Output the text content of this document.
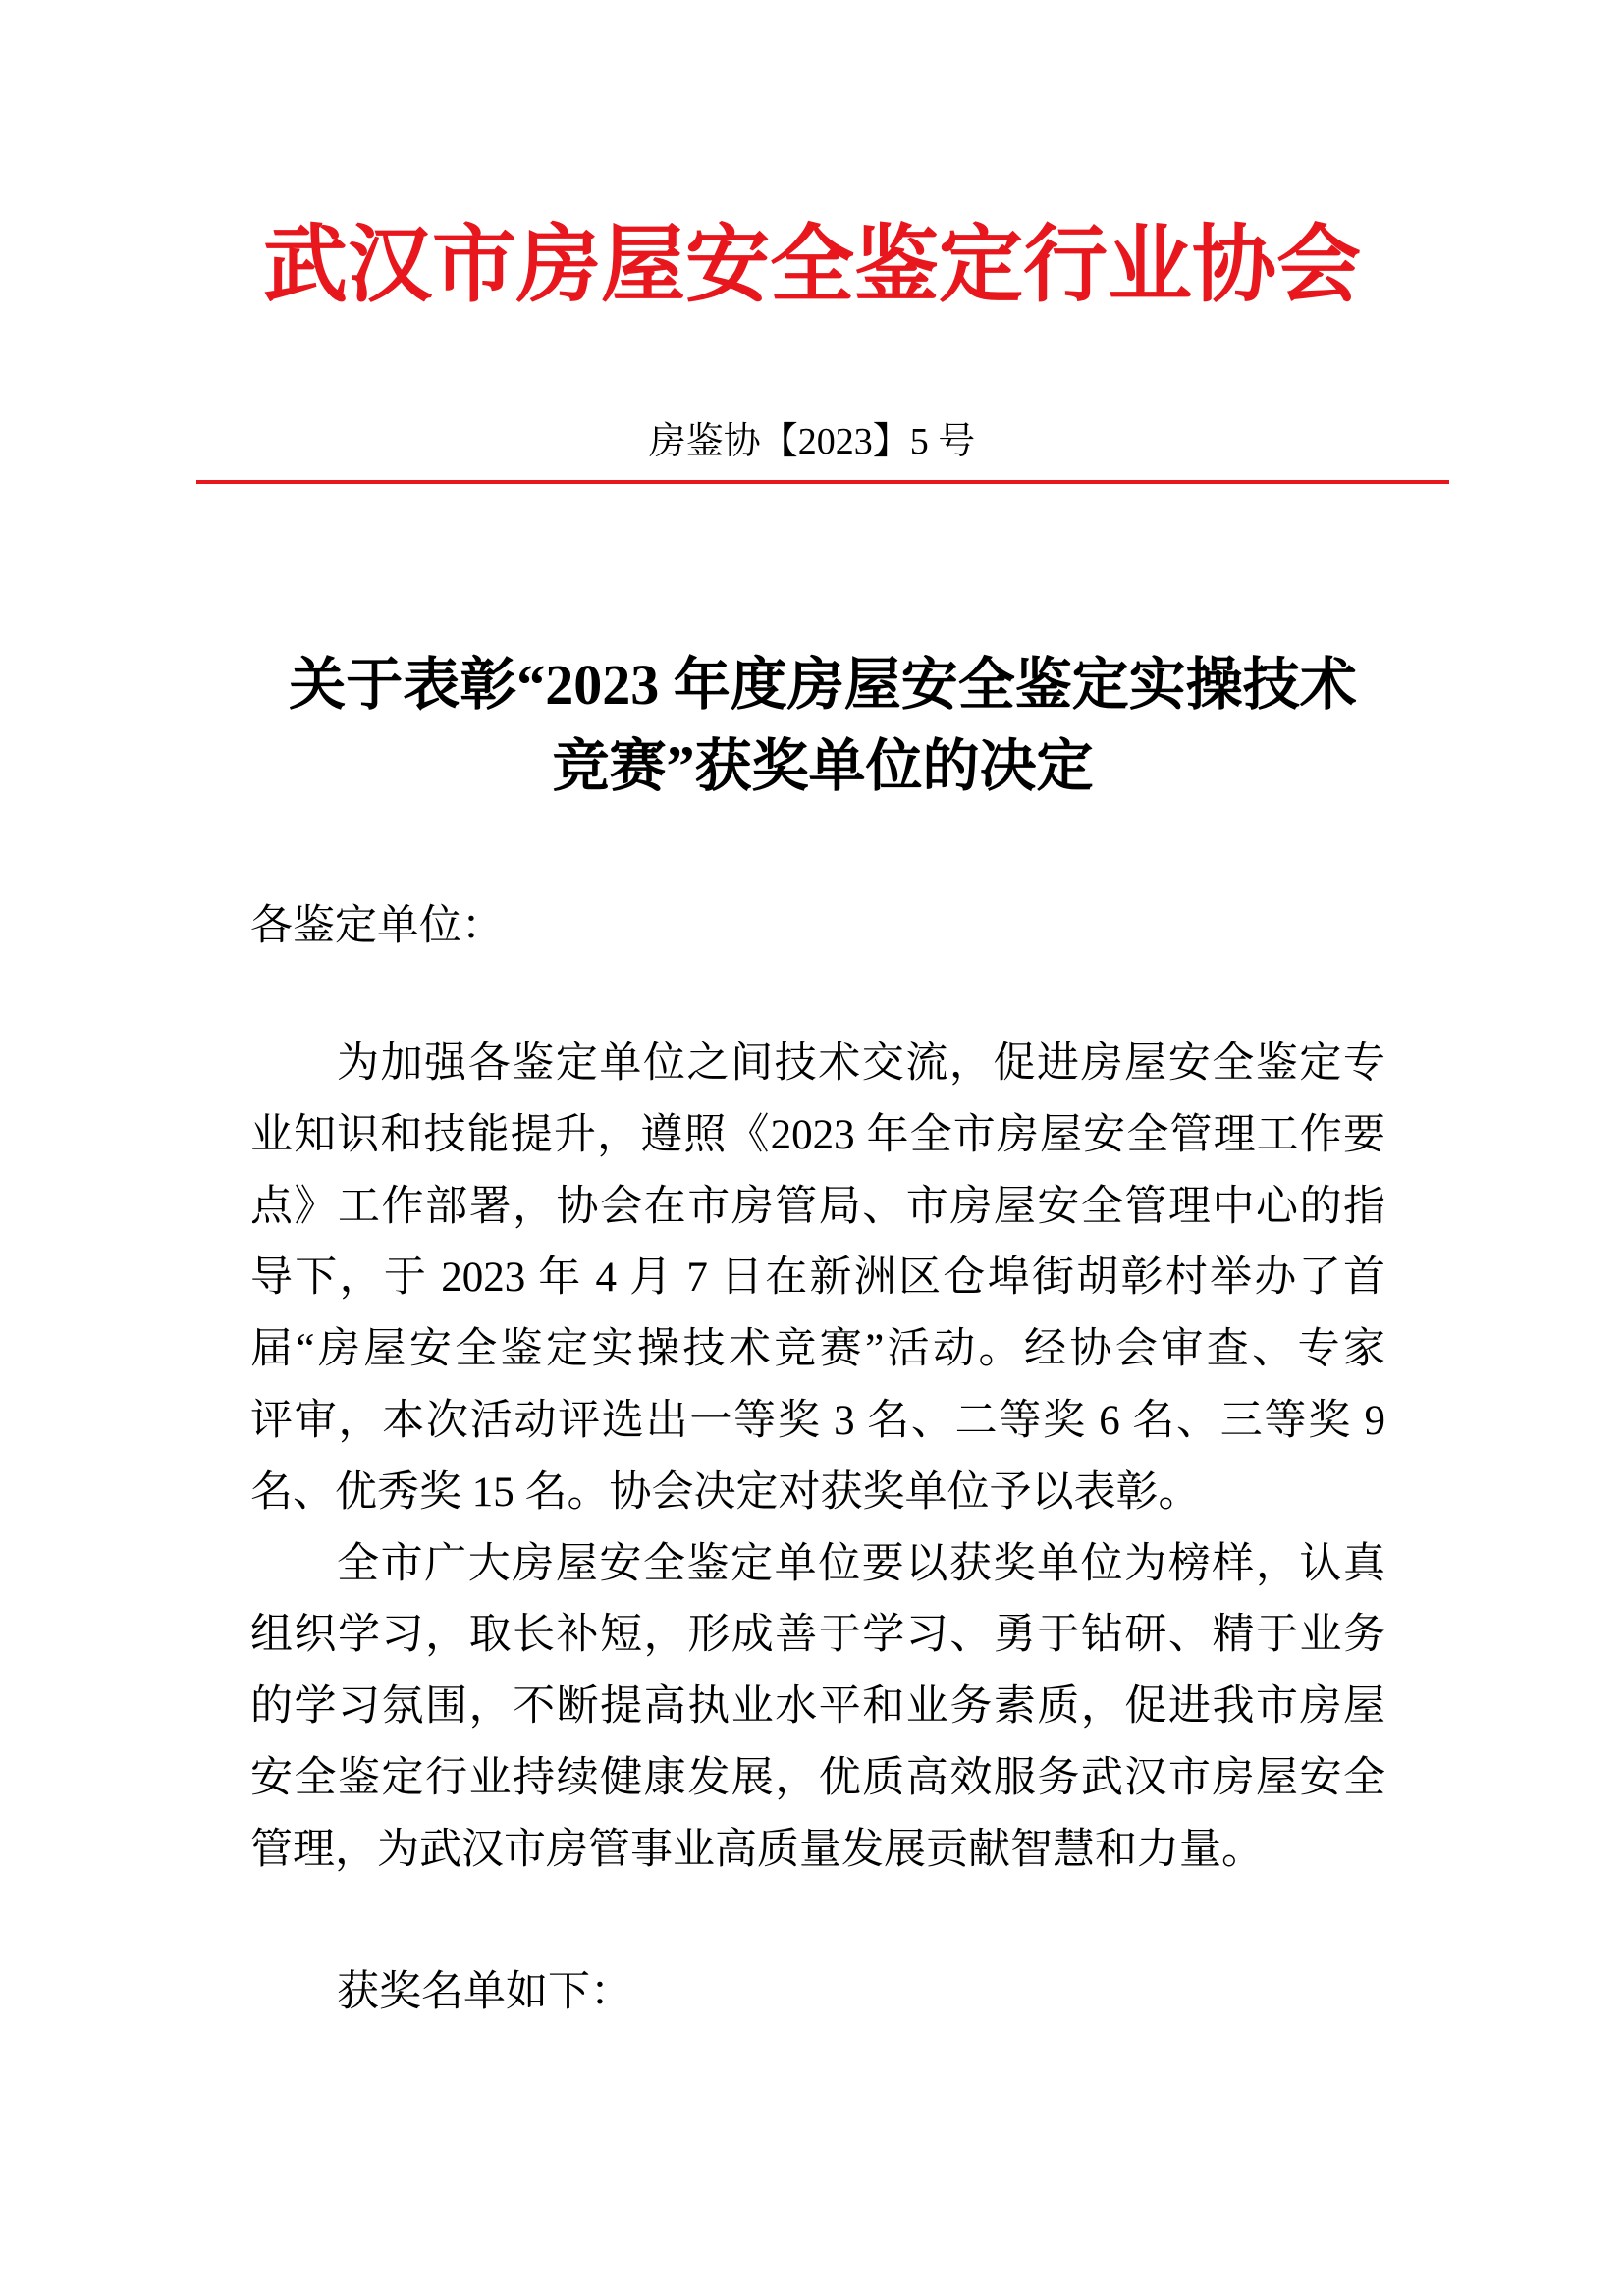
武汉市房屋安全鉴定行业协会
房鉴协【2023】5 号
关于表彰“2023 年度房屋安全鉴定实操技术
竞赛”获奖单位的决定
各鉴定单位：
为加强各鉴定单位之间技术交流，促进房屋安全鉴定专
业知识和技能提升，遵照《2023 年全市房屋安全管理工作要
点》工作部署，协会在市房管局、市房屋安全管理中心的指
导下，于 2023 年 4 月 7 日在新洲区仓埠街胡彰村举办了首
届“房屋安全鉴定实操技术竞赛”活动。经协会审查、专家
评审，本次活动评选出一等奖 3 名、二等奖 6 名、三等奖 9
名、优秀奖 15 名。协会决定对获奖单位予以表彰。
全市广大房屋安全鉴定单位要以获奖单位为榜样，认真
组织学习，取长补短，形成善于学习、勇于钻研、精于业务
的学习氛围，不断提高执业水平和业务素质，促进我市房屋
安全鉴定行业持续健康发展，优质高效服务武汉市房屋安全
管理，为武汉市房管事业高质量发展贡献智慧和力量。
获奖名单如下：
